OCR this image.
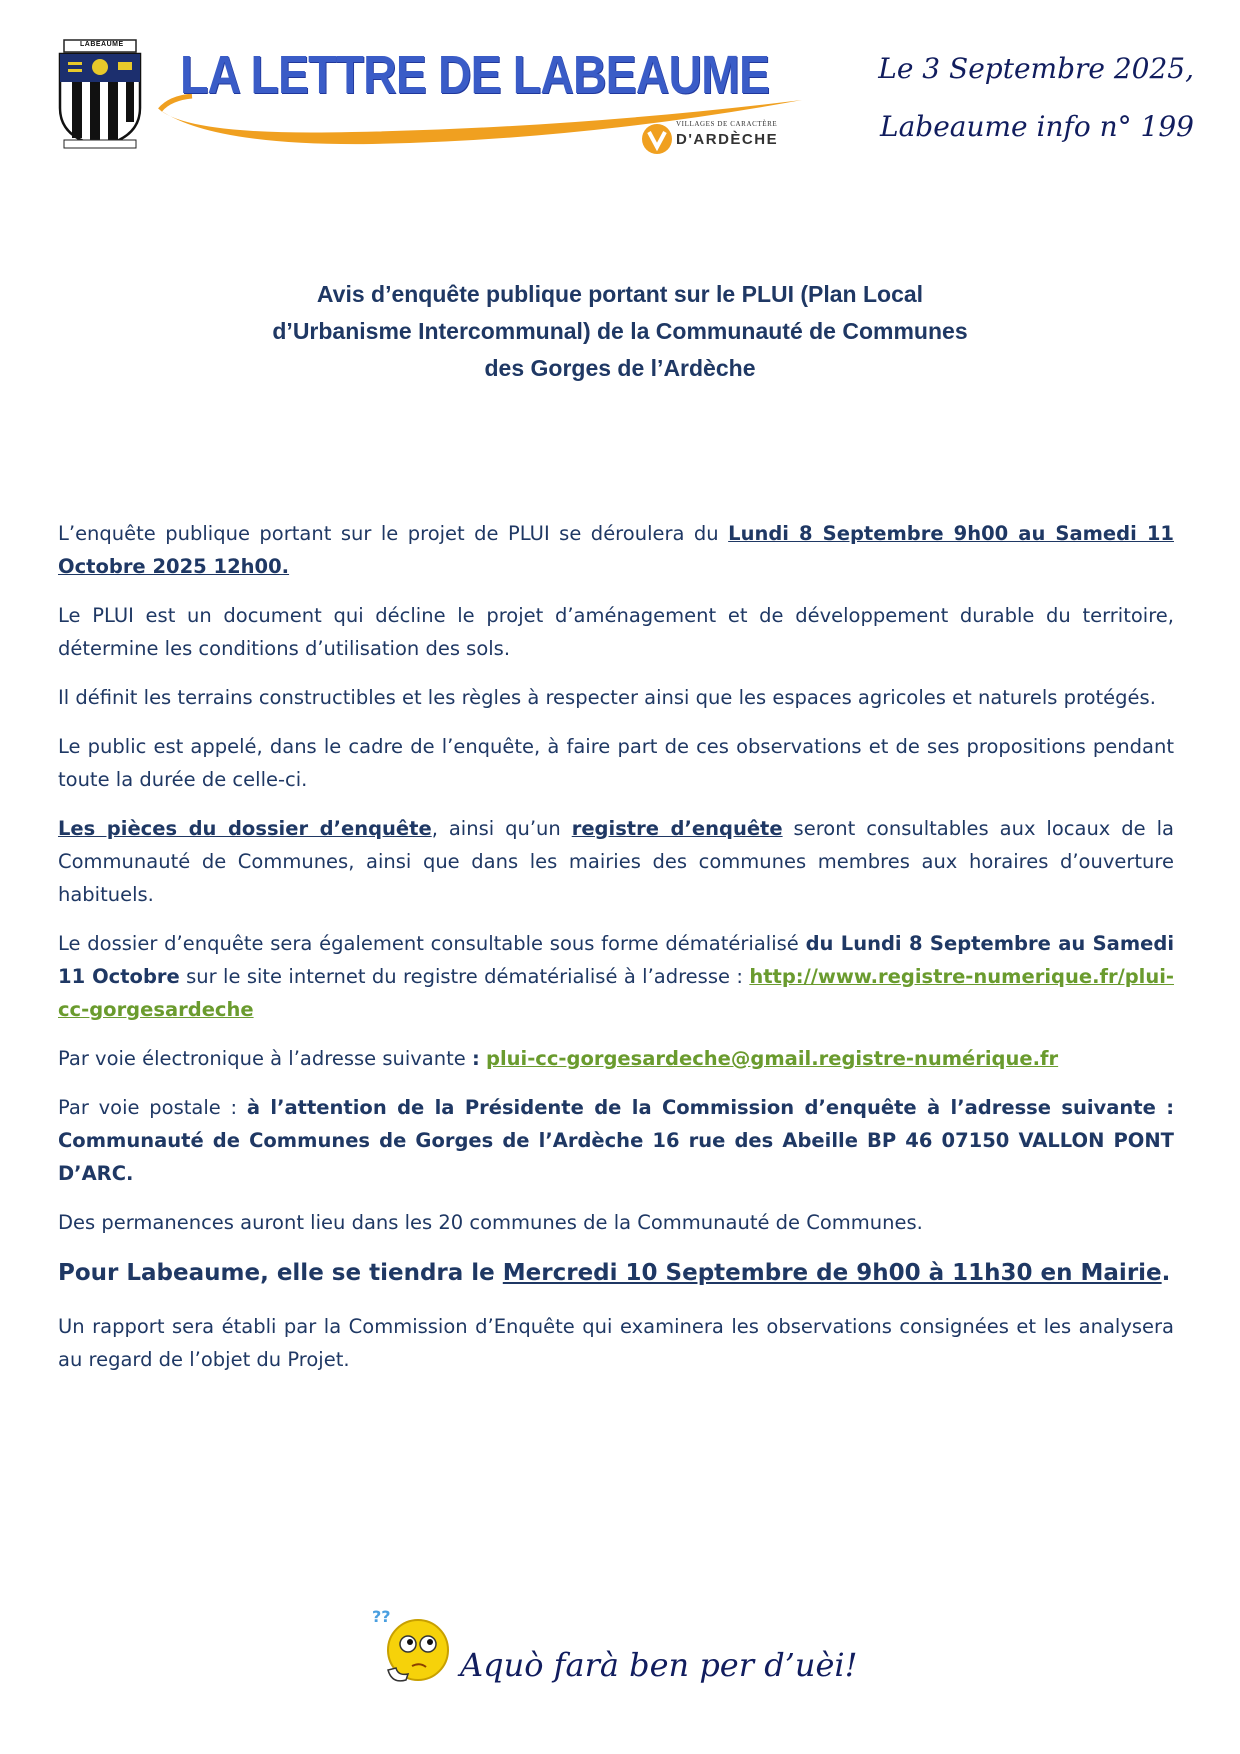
LABEAUME
LA LETTRE DE LABEAUME
VILLAGES DE CARACTÈRE
D'ARDÈCHE
Le 3 Septembre 2025,
Labeaume info n° 199
Avis d’enquête publique portant sur le PLUI (Plan Local
d’Urbanisme Intercommunal) de la Communauté de Communes
des Gorges de l’Ardèche

L’enquête publique portant sur le projet de PLUI se déroulera du Lundi 8 Septembre 9h00 au Samedi 11 Octobre 2025 12h00.

Le PLUI est un document qui décline le projet d’aménagement et de développement durable du territoire, détermine les conditions d’utilisation des sols.

Il définit les terrains constructibles et les règles à respecter ainsi que les espaces agricoles et naturels protégés.

Le public est appelé, dans le cadre de l’enquête, à faire part de ces observations et de ses propositions pendant toute la durée de celle-ci.

Les pièces du dossier d’enquête, ainsi qu’un registre d’enquête seront consultables aux locaux de la Communauté de Communes, ainsi que dans les mairies des communes membres aux horaires d’ouverture habituels.

Le dossier d’enquête sera également consultable sous forme dématérialisé du Lundi 8 Septembre au Samedi 11 Octobre sur le site internet du registre dématérialisé à l’adresse : http://www.registre-numerique.fr/plui-cc-gorgesardeche

Par voie électronique à l’adresse suivante : plui-cc-gorgesardeche@gmail.registre-numérique.fr

Par voie postale : à l’attention de la Présidente de la Commission d’enquête à l’adresse suivante : Communauté de Communes de Gorges de l’Ardèche 16 rue des Abeille BP 46 07150 VALLON PONT D’ARC.

Des permanences auront lieu dans les 20 communes de la Communauté de Communes.

Pour Labeaume, elle se tiendra le Mercredi 10 Septembre de 9h00 à 11h30 en Mairie.

Un rapport sera établi par la Commission d’Enquête qui examinera les observations consignées et les analysera au regard de l’objet du Projet.

??
Aquò farà ben per d’uèi!
